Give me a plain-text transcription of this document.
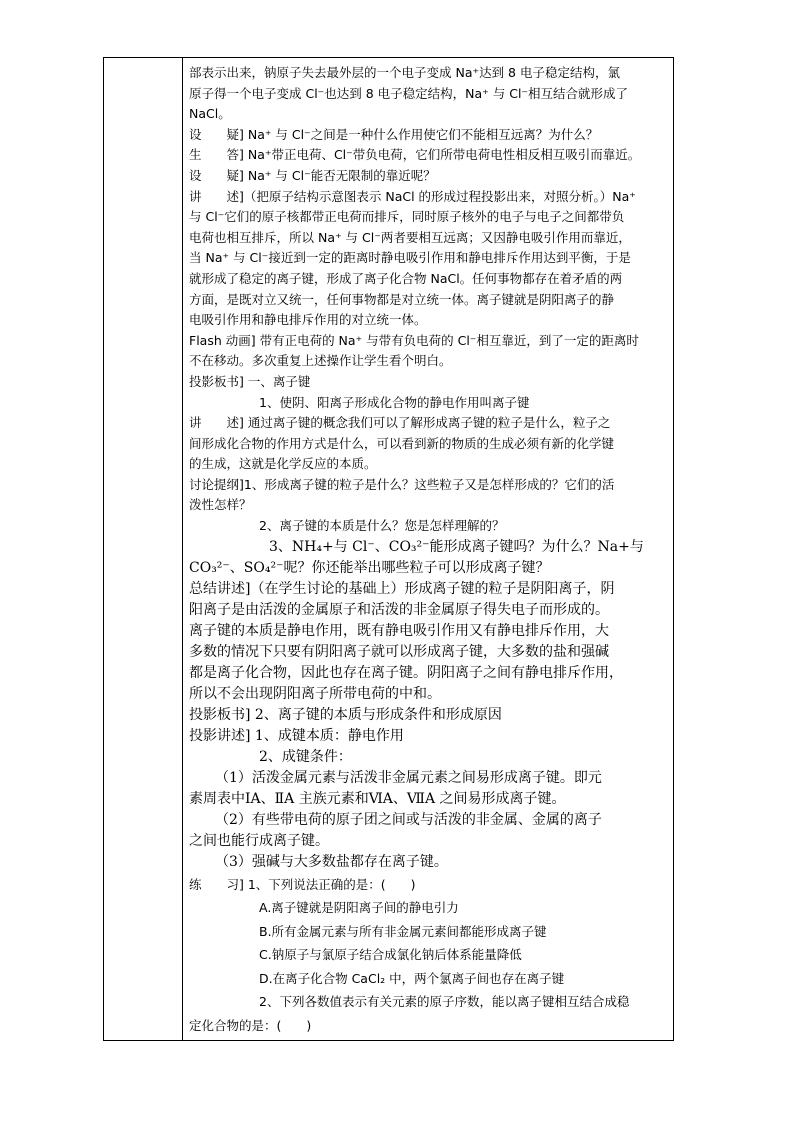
部表示出来，钠原子失去最外层的一个电子变成 Na⁺达到 8 电子稳定结构，氯
原子得一个电子变成 Cl⁻也达到 8 电子稳定结构，Na⁺ 与 Cl⁻相互结合就形成了
NaCl。
设　　疑] Na⁺ 与 Cl⁻之间是一种什么作用使它们不能相互远离？为什么？
生　　答] Na⁺带正电荷、Cl⁻带负电荷，它们所带电荷电性相反相互吸引而靠近。
设　　疑] Na⁺ 与 Cl⁻能否无限制的靠近呢？
讲　　述]（把原子结构示意图表示 NaCl 的形成过程投影出来，对照分析。）Na⁺
与 Cl⁻它们的原子核都带正电荷而排斥，同时原子核外的电子与电子之间都带负
电荷也相互排斥，所以 Na⁺ 与 Cl⁻两者要相互远离；又因静电吸引作用而靠近，
当 Na⁺ 与 Cl⁻接近到一定的距离时静电吸引作用和静电排斥作用达到平衡，于是
就形成了稳定的离子键，形成了离子化合物 NaCl。任何事物都存在着矛盾的两
方面，是既对立又统一，任何事物都是对立统一体。离子键就是阴阳离子的静
电吸引作用和静电排斥作用的对立统一体。
Flash 动画] 带有正电荷的 Na⁺ 与带有负电荷的 Cl⁻相互靠近，到了一定的距离时
不在移动。多次重复上述操作让学生看个明白。
投影板书] 一、离子键
1、使阴、阳离子形成化合物的静电作用叫离子键
讲　　述] 通过离子键的概念我们可以了解形成离子键的粒子是什么，粒子之
间形成化合物的作用方式是什么，可以看到新的物质的生成必须有新的化学键
的生成，这就是化学反应的本质。
讨论提纲]1、形成离子键的粒子是什么？这些粒子又是怎样形成的？它们的活
泼性怎样？
2、离子键的本质是什么？您是怎样理解的？
3、NH₄+与 Cl⁻、CO₃²⁻能形成离子键吗？为什么？Na+与
CO₃²⁻、SO₄²⁻呢？你还能举出哪些粒子可以形成离子键？
总结讲述]（在学生讨论的基础上）形成离子键的粒子是阴阳离子，阴
阳离子是由活泼的金属原子和活泼的非金属原子得失电子而形成的。
离子键的本质是静电作用，既有静电吸引作用又有静电排斥作用，大
多数的情况下只要有阴阳离子就可以形成离子键，大多数的盐和强碱
都是离子化合物，因此也存在离子键。阴阳离子之间有静电排斥作用，
所以不会出现阴阳离子所带电荷的中和。
投影板书] 2、离子键的本质与形成条件和形成原因
投影讲述] 1、成键本质：静电作用
2、成键条件：
（1）活泼金属元素与活泼非金属元素之间易形成离子键。即元
素周表中ⅠA、ⅡA 主族元素和ⅥA、ⅦA 之间易形成离子键。
（2）有些带电荷的原子团之间或与活泼的非金属、金属的离子
之间也能行成离子键。
（3）强碱与大多数盐都存在离子键。
练　　习] 1、下列说法正确的是：(　　)
A.离子键就是阴阳离子间的静电引力
B.所有金属元素与所有非金属元素间都能形成离子键
C.钠原子与氯原子结合成氯化钠后体系能量降低
D.在离子化合物 CaCl₂ 中，两个氯离子间也存在离子键
2、下列各数值表示有关元素的原子序数，能以离子键相互结合成稳
定化合物的是：(　　)
